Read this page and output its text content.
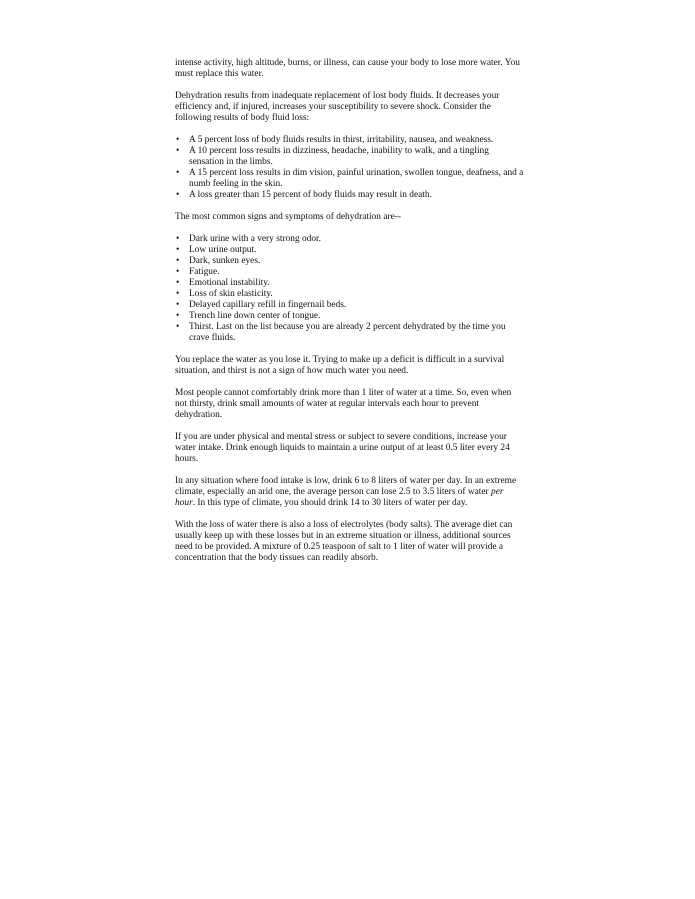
intense activity, high altitude, burns, or illness, can cause your body to lose more water. You must replace this water.

Dehydration results from inadequate replacement of lost body fluids. It decreases your efficiency and, if injured, increases your susceptibility to severe shock. Consider the following results of body fluid loss:

• A 5 percent loss of body fluids results in thirst, irritability, nausea, and weakness.
• A 10 percent loss results in dizziness, headache, inability to walk, and a tingling sensation in the limbs.
• A 15 percent loss results in dim vision, painful urination, swollen tongue, deafness, and a numb feeling in the skin.
• A loss greater than 15 percent of body fluids may result in death.

The most common signs and symptoms of dehydration are--

• Dark urine with a very strong odor.
• Low urine output.
• Dark, sunken eyes.
• Fatigue.
• Emotional instability.
• Loss of skin elasticity.
• Delayed capillary refill in fingernail beds.
• Trench line down center of tongue.
• Thirst. Last on the list because you are already 2 percent dehydrated by the time you crave fluids.

You replace the water as you lose it. Trying to make up a deficit is difficult in a survival situation, and thirst is not a sign of how much water you need.

Most people cannot comfortably drink more than 1 liter of water at a time. So, even when not thirsty, drink small amounts of water at regular intervals each hour to prevent dehydration.

If you are under physical and mental stress or subject to severe conditions, increase your water intake. Drink enough liquids to maintain a urine output of at least 0.5 liter every 24 hours.

In any situation where food intake is low, drink 6 to 8 liters of water per day. In an extreme climate, especially an arid one, the average person can lose 2.5 to 3.5 liters of water per hour. In this type of climate, you should drink 14 to 30 liters of water per day.

With the loss of water there is also a loss of electrolytes (body salts). The average diet can usually keep up with these losses but in an extreme situation or illness, additional sources need to be provided. A mixture of 0.25 teaspoon of salt to 1 liter of water will provide a concentration that the body tissues can readily absorb.
